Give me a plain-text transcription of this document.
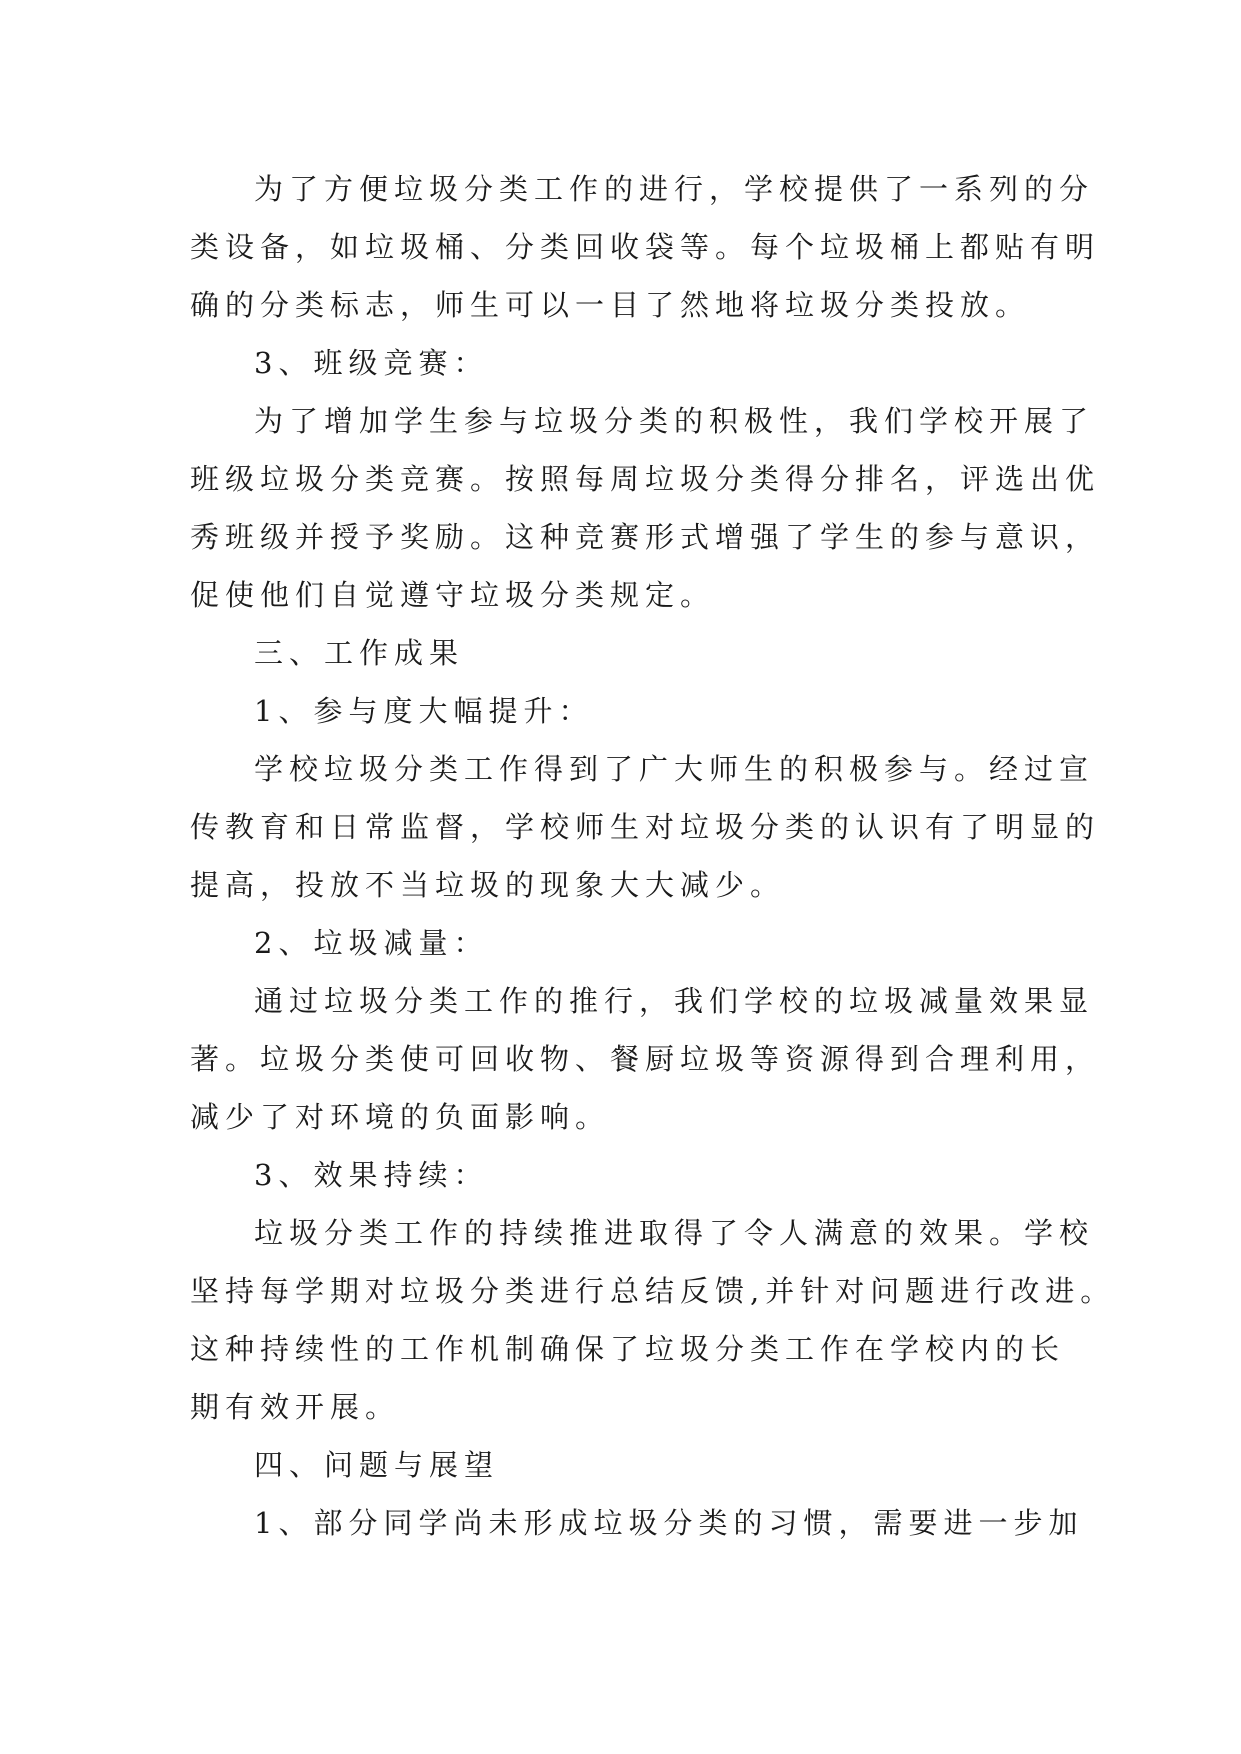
为了方便垃圾分类工作的进行，学校提供了一系列的分
类设备，如垃圾桶、分类回收袋等。每个垃圾桶上都贴有明
确的分类标志，师生可以一目了然地将垃圾分类投放。
3、班级竞赛：
为了增加学生参与垃圾分类的积极性，我们学校开展了
班级垃圾分类竞赛。按照每周垃圾分类得分排名，评选出优
秀班级并授予奖励。这种竞赛形式增强了学生的参与意识，
促使他们自觉遵守垃圾分类规定。
三、工作成果
1、参与度大幅提升：
学校垃圾分类工作得到了广大师生的积极参与。经过宣
传教育和日常监督，学校师生对垃圾分类的认识有了明显的
提高，投放不当垃圾的现象大大减少。
2、垃圾减量：
通过垃圾分类工作的推行，我们学校的垃圾减量效果显
著。垃圾分类使可回收物、餐厨垃圾等资源得到合理利用，
减少了对环境的负面影响。
3、效果持续：
垃圾分类工作的持续推进取得了令人满意的效果。学校
坚持每学期对垃圾分类进行总结反馈,并针对问题进行改进。
这种持续性的工作机制确保了垃圾分类工作在学校内的长
期有效开展。
四、问题与展望
1、部分同学尚未形成垃圾分类的习惯，需要进一步加
